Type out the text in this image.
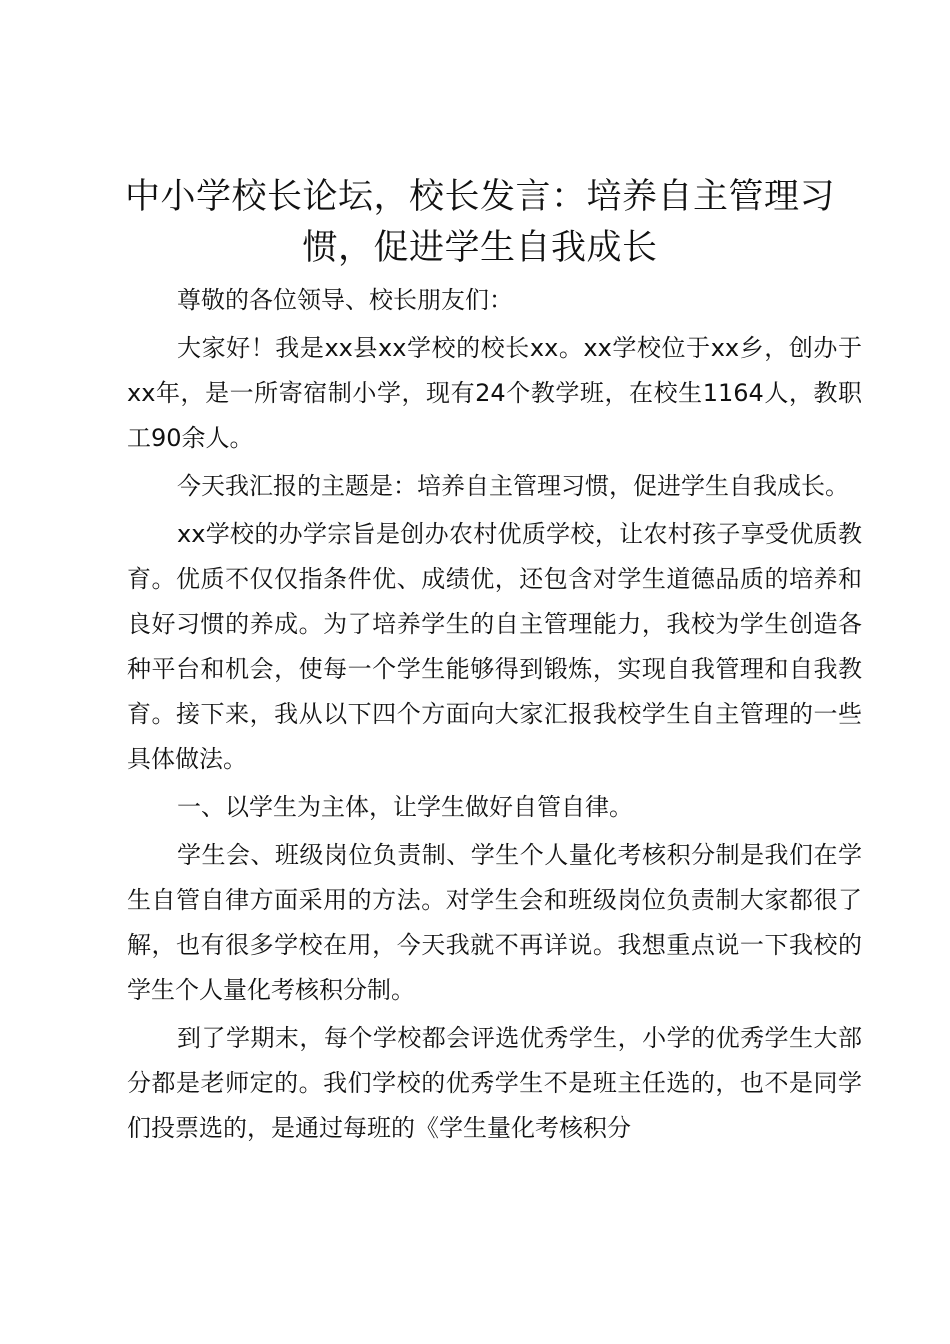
中小学校长论坛，校长发言：培养自主管理习惯，促进学生自我成长

尊敬的各位领导、校长朋友们：

大家好！我是xx县xx学校的校长xx。xx学校位于xx乡，创办于xx年，是一所寄宿制小学，现有24个教学班，在校生1164人，教职工90余人。

今天我汇报的主题是：培养自主管理习惯，促进学生自我成长。

xx学校的办学宗旨是创办农村优质学校，让农村孩子享受优质教育。优质不仅仅指条件优、成绩优，还包含对学生道德品质的培养和良好习惯的养成。为了培养学生的自主管理能力，我校为学生创造各种平台和机会，使每一个学生能够得到锻炼，实现自我管理和自我教育。接下来，我从以下四个方面向大家汇报我校学生自主管理的一些具体做法。

一、以学生为主体，让学生做好自管自律。

学生会、班级岗位负责制、学生个人量化考核积分制是我们在学生自管自律方面采用的方法。对学生会和班级岗位负责制大家都很了解，也有很多学校在用，今天我就不再详说。我想重点说一下我校的学生个人量化考核积分制。

到了学期末，每个学校都会评选优秀学生，小学的优秀学生大部分都是老师定的。我们学校的优秀学生不是班主任选的，也不是同学们投票选的，是通过每班的《学生量化考核积分
